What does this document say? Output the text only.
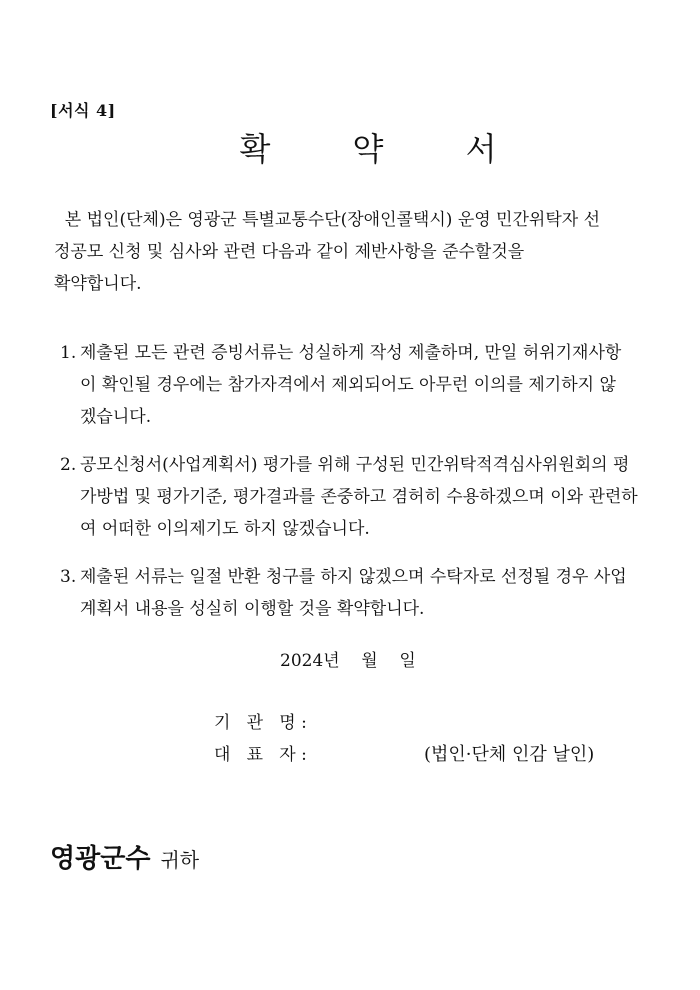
[서식 4]
확 약 서
본 법인(단체)은 영광군 특별교통수단(장애인콜택시) 운영 민간위탁자 선
정공모 신청 및 심사와 관련 다음과 같이 제반사항을 준수할것을
확약합니다.
1. 제출된 모든 관련 증빙서류는 성실하게 작성 제출하며, 만일 허위기재사항
이 확인될 경우에는 참가자격에서 제외되어도 아무런 이의를 제기하지 않
겠습니다.
2. 공모신청서(사업계획서) 평가를 위해 구성된 민간위탁적격심사위원회의 평
가방법 및 평가기준, 평가결과를 존중하고 겸허히 수용하겠으며 이와 관련하
여 어떠한 이의제기도 하지 않겠습니다.
3. 제출된 서류는 일절 반환 청구를 하지 않겠으며 수탁자로 선정될 경우 사업
계획서 내용을 성실히 이행할 것을 확약합니다.
2024년    월    일
기   관   명 :
대   표   자 :	(법인·단체 인감 날인)
영광군수 귀하
